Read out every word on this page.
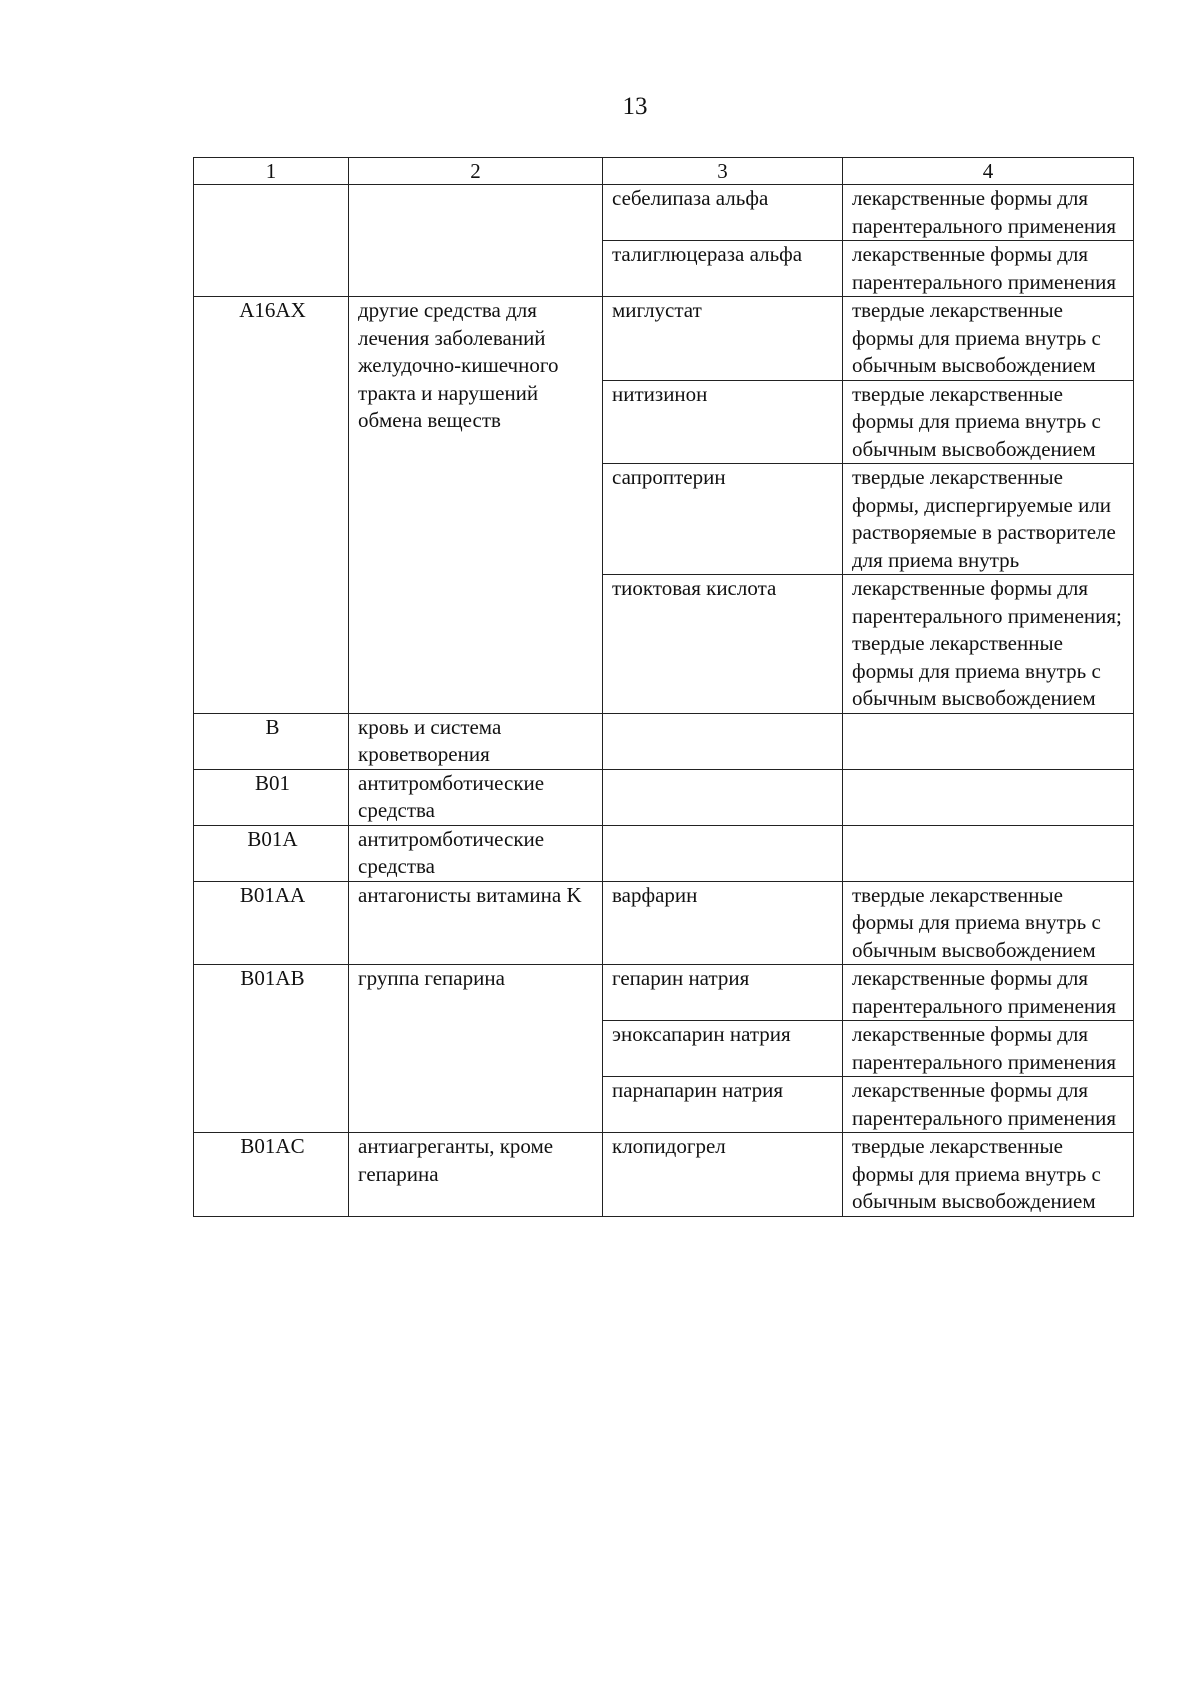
13
1	2	3	4
		себелипаза альфа	лекарственные формы для парентерального применения

		талиглюцераза альфа	лекарственные формы для парентерального применения

A16AX	другие средства для лечения заболеваний желудочно-кишечного тракта и нарушений обмена веществ	миглустат	твердые лекарственные формы для приема внутрь с обычным высвобождением

		нитизинон	твердые лекарственные формы для приема внутрь с обычным высвобождением

		сапроптерин	твердые лекарственные формы, диспергируемые или растворяемые в растворителе для приема внутрь

		тиоктовая кислота	лекарственные формы для парентерального применения;
твердые лекарственные формы для приема внутрь с обычным высвобождением

B	кровь и система кроветворения		
B01	антитромботические средства		
B01A	антитромботические средства		
B01AA	антагонисты витамина K	варфарин	твердые лекарственные формы для приема внутрь с обычным высвобождением

B01AB	группа гепарина	гепарин натрия	лекарственные формы для парентерального применения

		эноксапарин натрия	лекарственные формы для парентерального применения

		парнапарин натрия	лекарственные формы для парентерального применения

B01AC	антиагреганты, кроме гепарина	клопидогрел	твердые лекарственные формы для приема внутрь с обычным высвобождением
